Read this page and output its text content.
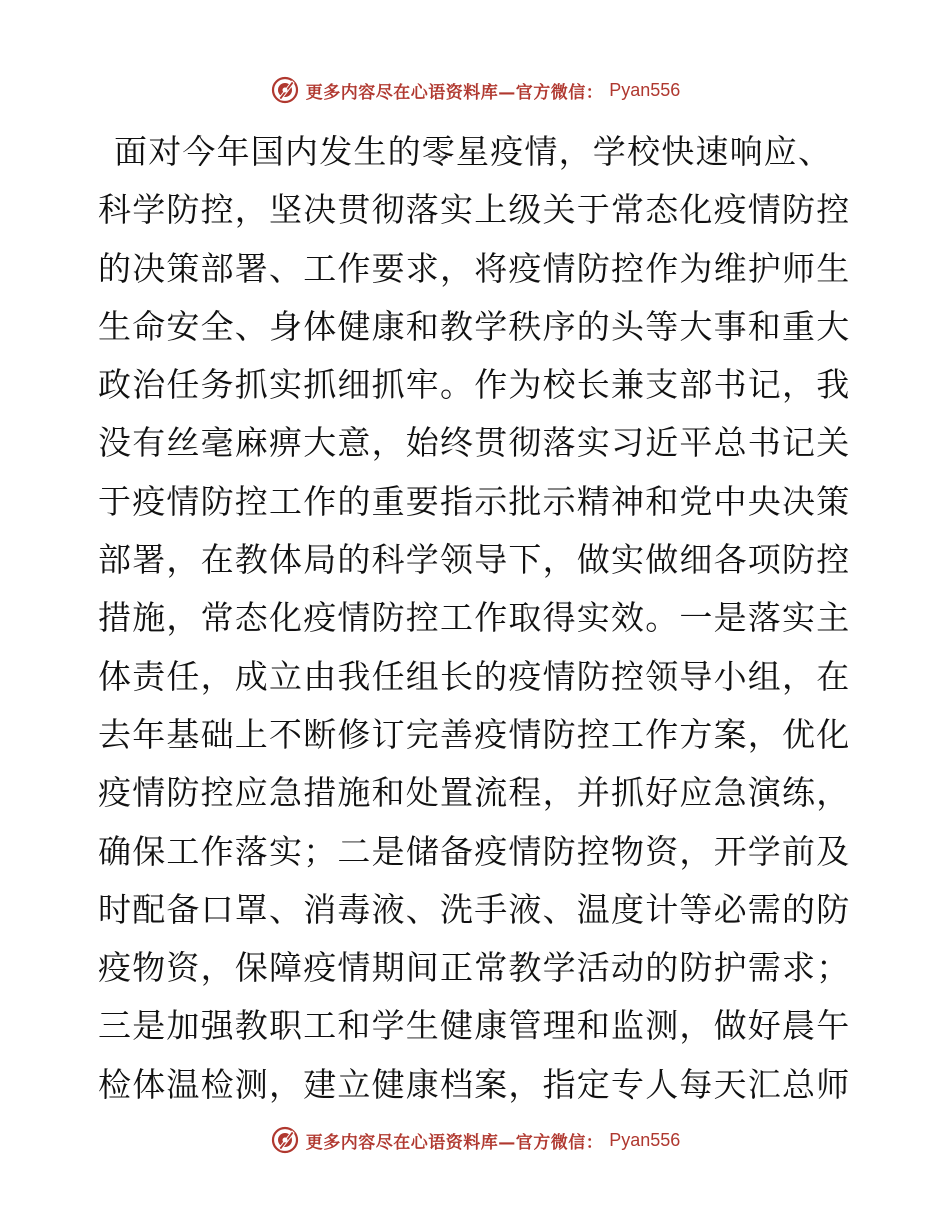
更多内容尽在心语资料库—官方微信： Pyan556
面对今年国内发生的零星疫情，学校快速响应、
科学防控，坚决贯彻落实上级关于常态化疫情防控
的决策部署、工作要求，将疫情防控作为维护师生
生命安全、身体健康和教学秩序的头等大事和重大
政治任务抓实抓细抓牢。作为校长兼支部书记，我
没有丝毫麻痹大意，始终贯彻落实习近平总书记关
于疫情防控工作的重要指示批示精神和党中央决策
部署，在教体局的科学领导下，做实做细各项防控
措施，常态化疫情防控工作取得实效。一是落实主
体责任，成立由我任组长的疫情防控领导小组，在
去年基础上不断修订完善疫情防控工作方案，优化
疫情防控应急措施和处置流程，并抓好应急演练，
确保工作落实；二是储备疫情防控物资，开学前及
时配备口罩、消毒液、洗手液、温度计等必需的防
疫物资，保障疫情期间正常教学活动的防护需求；
三是加强教职工和学生健康管理和监测，做好晨午
检体温检测，建立健康档案，指定专人每天汇总师
更多内容尽在心语资料库—官方微信： Pyan556
